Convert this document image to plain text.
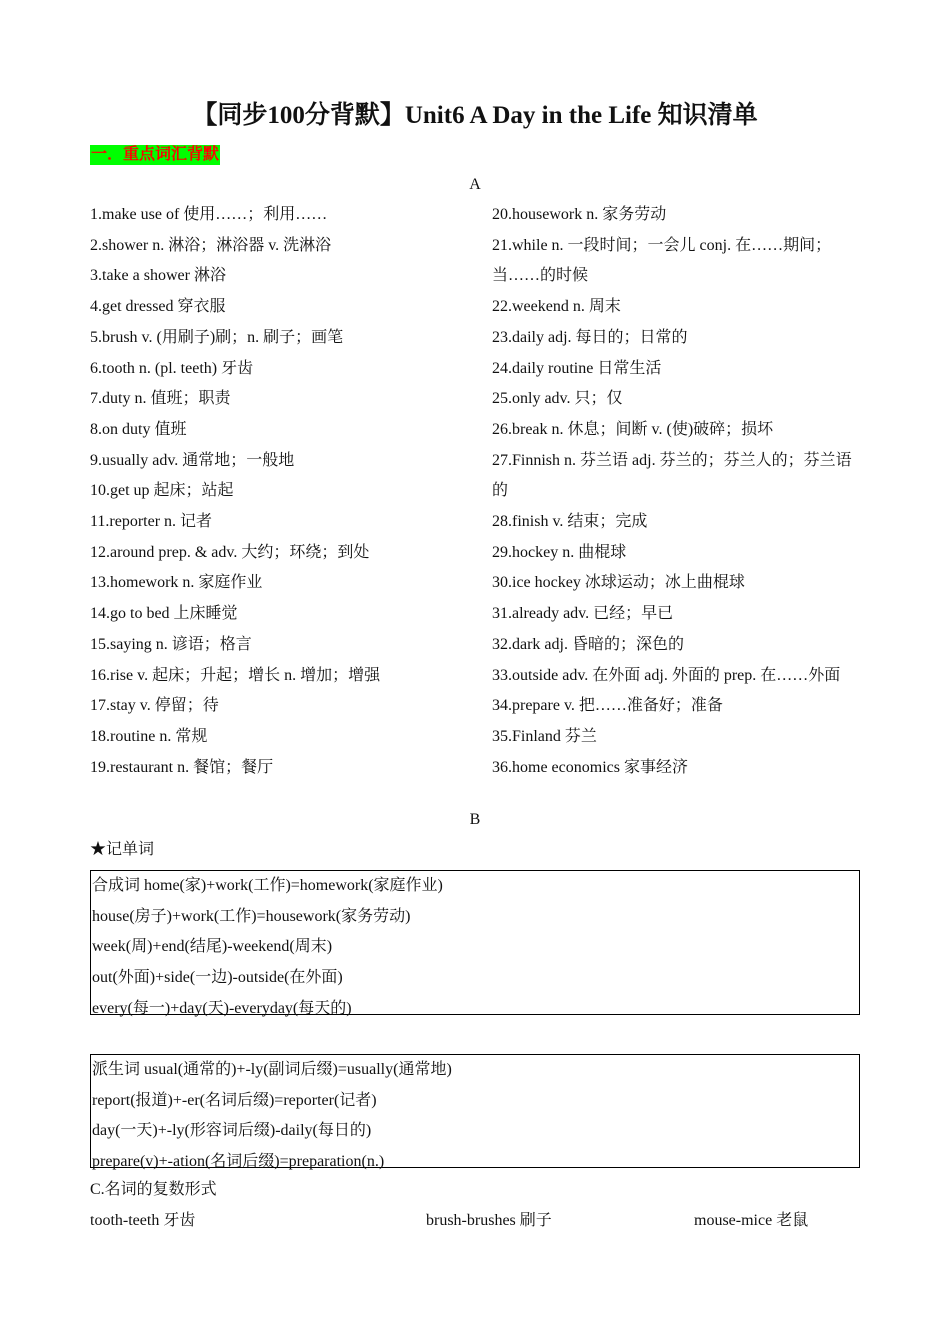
【同步100分背默】Unit6 A Day in the Life 知识清单
一．重点词汇背默
A

1.make use of 使用……；利用……

2.shower n. 淋浴；淋浴器 v. 洗淋浴

3.take a shower 淋浴

4.get dressed 穿衣服

5.brush v. (用刷子)刷；n. 刷子；画笔

6.tooth n. (pl. teeth) 牙齿

7.duty n. 值班；职责

8.on duty 值班

9.usually adv. 通常地；一般地

10.get up 起床；站起

11.reporter n. 记者

12.around prep. & adv. 大约；环绕；到处

13.homework n. 家庭作业

14.go to bed 上床睡觉

15.saying n. 谚语；格言

16.rise v. 起床；升起；增长 n. 增加；增强

17.stay v. 停留；待

18.routine n. 常规

19.restaurant n. 餐馆；餐厅

20.housework n. 家务劳动

21.while n. 一段时间；一会儿 conj. 在……期间；当……的时候

22.weekend n. 周末

23.daily adj. 每日的；日常的

24.daily routine 日常生活

25.only adv. 只；仅

26.break n. 休息；间断 v. (使)破碎；损坏

27.Finnish n. 芬兰语 adj. 芬兰的；芬兰人的；芬兰语的

28.finish v. 结束；完成

29.hockey n. 曲棍球

30.ice hockey 冰球运动；冰上曲棍球

31.already adv. 已经；早已

32.dark adj. 昏暗的；深色的

33.outside adv. 在外面 adj. 外面的 prep. 在……外面

34.prepare v. 把……准备好；准备

35.Finland 芬兰

36.home economics 家事经济

B
★记单词
合成词 home(家)+work(工作)=homework(家庭作业)
house(房子)+work(工作)=housework(家务劳动)
week(周)+end(结尾)-weekend(周末)
out(外面)+side(一边)-outside(在外面)
every(每一)+day(天)-everyday(每天的)
派生词 usual(通常的)+-ly(副词后缀)=usually(通常地)
report(报道)+-er(名词后缀)=reporter(记者)
day(一天)+-ly(形容词后缀)-daily(每日的)
prepare(v)+-ation(名词后缀)=preparation(n.)
C.名词的复数形式
tooth-teeth 牙齿	brush-brushes 刷子	mouse-mice 老鼠
